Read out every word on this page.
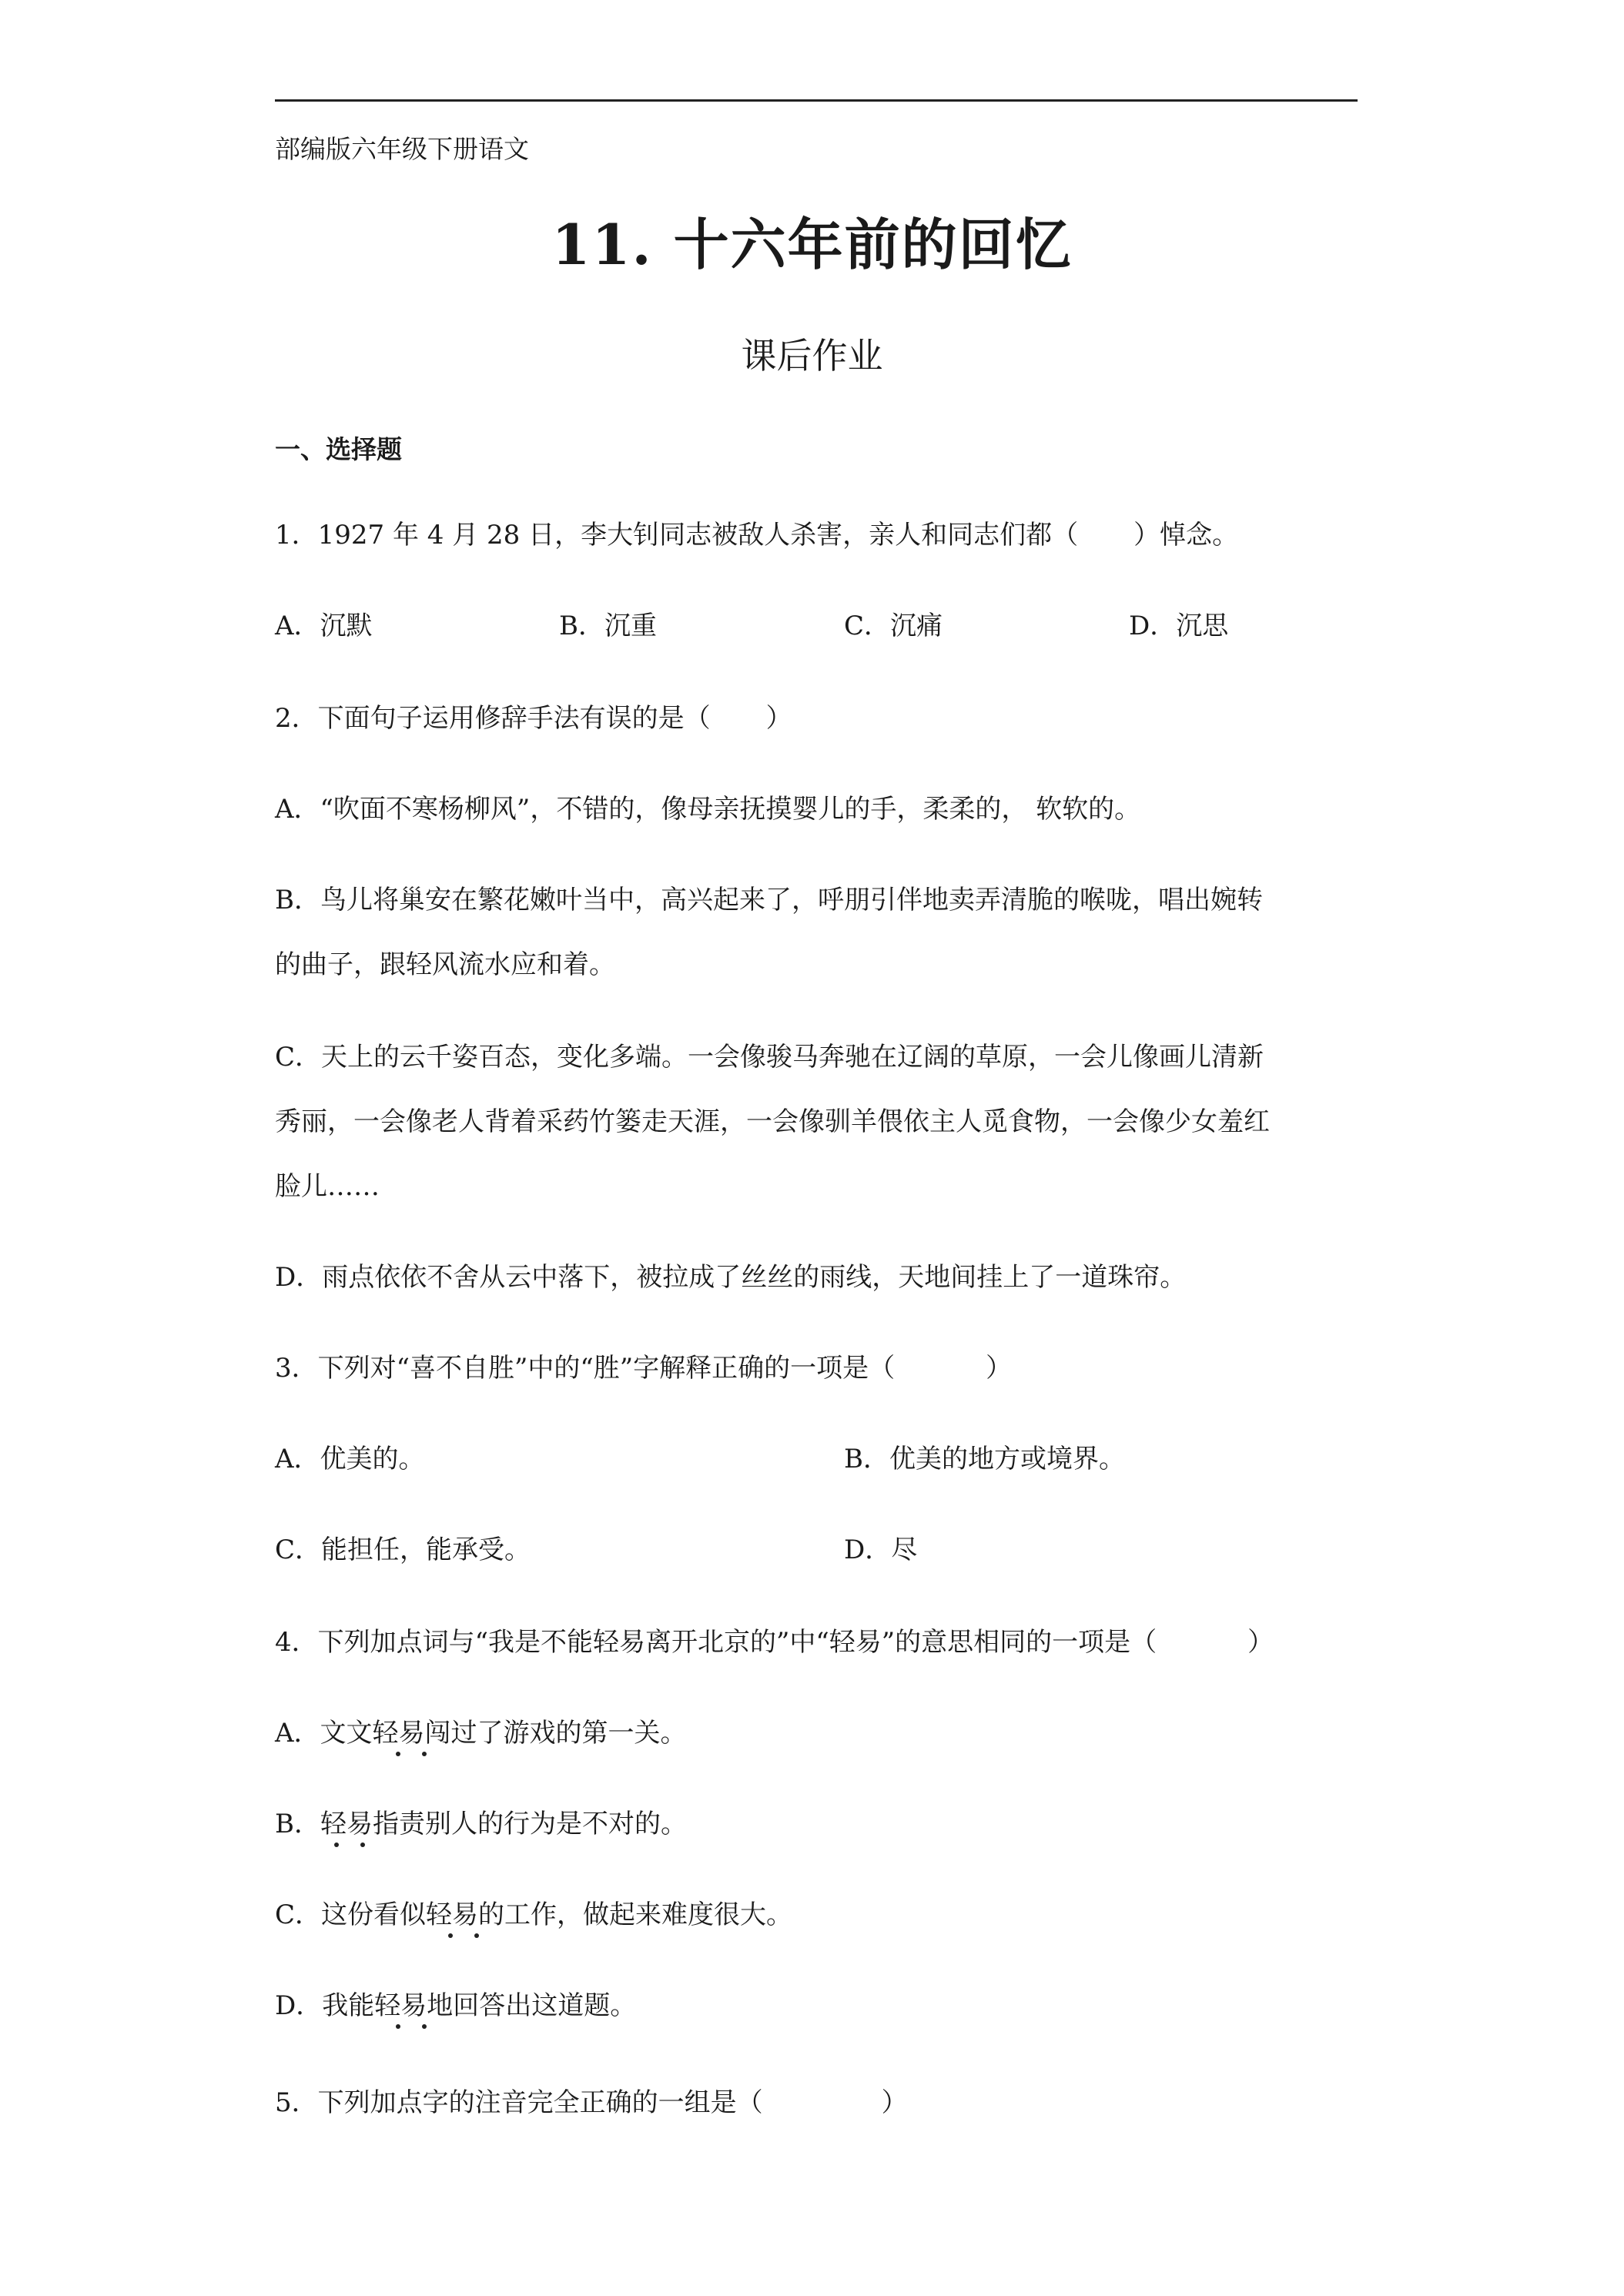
部编版六年级下册语文
11. 十六年前的回忆
课后作业
一、选择题
1．1927 年 4 月 28 日，李大钊同志被敌人杀害，亲人和同志们都（ ）悼念。
A．沉默	B．沉重	C．沉痛	D．沉思
2．下面句子运用修辞手法有误的是（ ）
A．“吹面不寒杨柳风”，不错的，像母亲抚摸婴儿的手，柔柔的， 软软的。
B．鸟儿将巢安在繁花嫩叶当中，高兴起来了，呼朋引伴地卖弄清脆的喉咙，唱出婉转
的曲子，跟轻风流水应和着。
C．天上的云千姿百态，变化多端。一会像骏马奔驰在辽阔的草原，一会儿像画儿清新
秀丽，一会像老人背着采药竹篓走天涯，一会像驯羊偎依主人觅食物，一会像少女羞红
脸儿……
D．雨点依依不舍从云中落下，被拉成了丝丝的雨线，天地间挂上了一道珠帘。
3．下列对“喜不自胜”中的“胜”字解释正确的一项是（	）
A．优美的。	B．优美的地方或境界。
C．能担任，能承受。	D．尽
4．下列加点词与“我是不能轻易离开北京的”中“轻易”的意思相同的一项是（	）
A．文文轻易闯过了游戏的第一关。
B．轻易指责别人的行为是不对的。
C．这份看似轻易的工作，做起来难度很大。
D．我能轻易地回答出这道题。
5．下列加点字的注音完全正确的一组是（	）
